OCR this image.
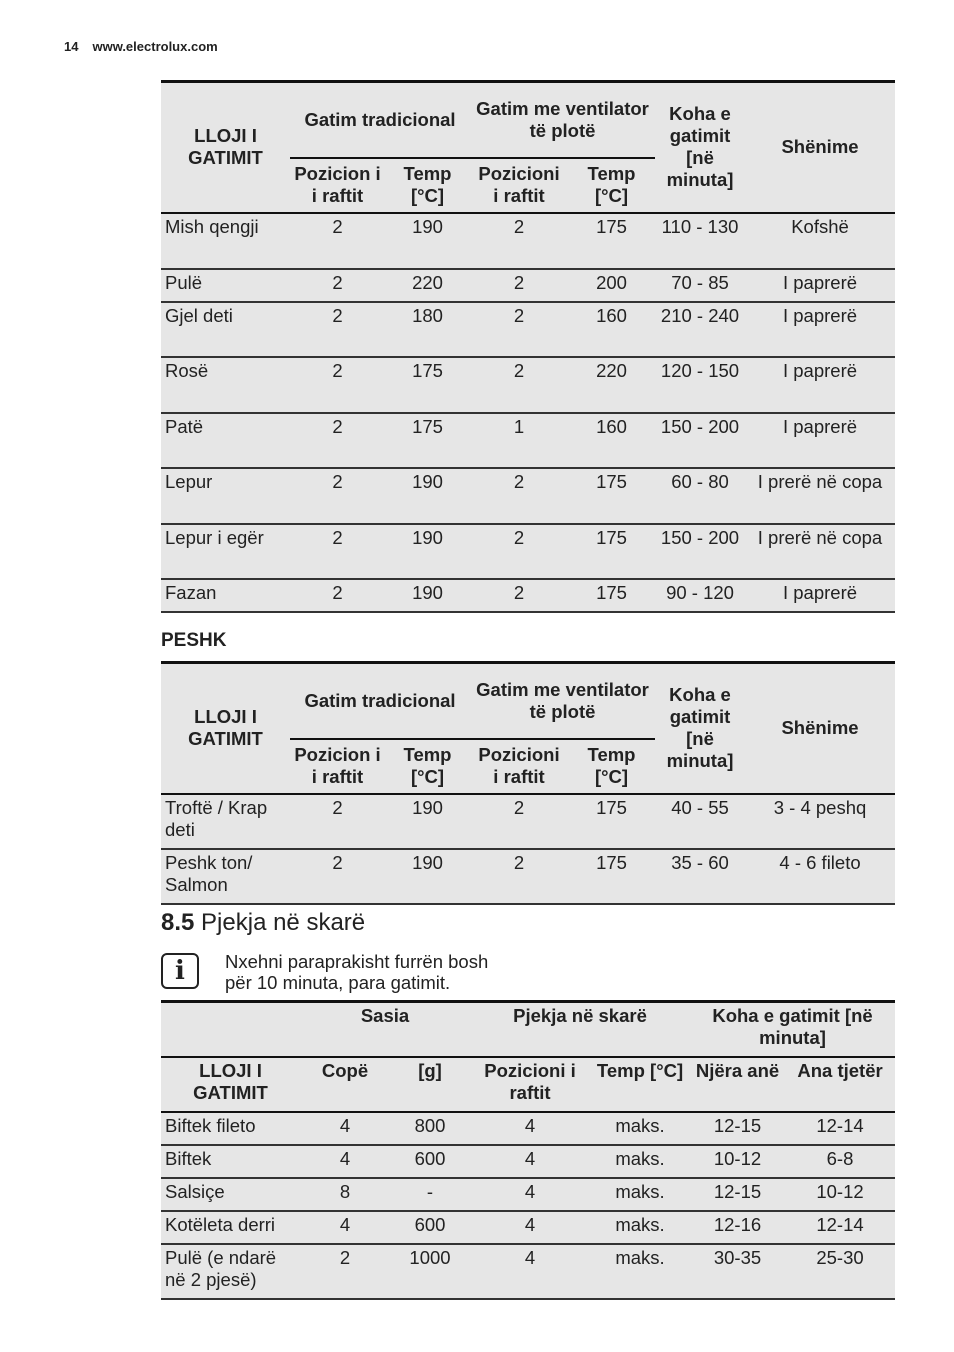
14 www.electrolux.com
LLOJI I GATIMIT	Gatim tradicional		Gatim me ventilator të plotë		Koha e gatimit [në minuta]	Shënime
	Pozicion i i raftit	Temp [°C]	Pozicioni i raftit	Temp [°C]		
Mish qengji	2	190	2	175	110 - 130	Kofshë
Pulë	2	220	2	200	70 - 85	I paprerë
Gjel deti	2	180	2	160	210 - 240	I paprerë
Rosë	2	175	2	220	120 - 150	I paprerë
Patë	2	175	1	160	150 - 200	I paprerë
Lepur	2	190	2	175	60 - 80	I prerë në copa
Lepur i egër	2	190	2	175	150 - 200	I prerë në copa
Fazan	2	190	2	175	90 - 120	I paprerë
PESHK
LLOJI I GATIMIT	Gatim tradicional		Gatim me ventilator të plotë		Koha e gatimit [në minuta]	Shënime
	Pozicion i i raftit	Temp [°C]	Pozicioni i raftit	Temp [°C]		
Troftë / Krap deti	2	190	2	175	40 - 55	3 - 4 peshq
Peshk ton/ Salmon	2	190	2	175	35 - 60	4 - 6 fileto
8.5 Pjekja në skarë
i	Nxehni paraprakisht furrën bosh
për 10 minuta, para gatimit.
	Sasia		Pjekja në skarë		Koha e gatimit [në minuta]	
LLOJI I GATIMIT	Copë	[g]	Pozicioni i raftit	Temp [°C]	Njëra anë	Ana tjetër
Biftek fileto	4	800	4	maks.	12-15	12-14
Biftek	4	600	4	maks.	10-12	6-8
Salsiçe	8	-	4	maks.	12-15	10-12
Kotëleta derri	4	600	4	maks.	12-16	12-14
Pulë (e ndarë në 2 pjesë)	2	1000	4	maks.	30-35	25-30
